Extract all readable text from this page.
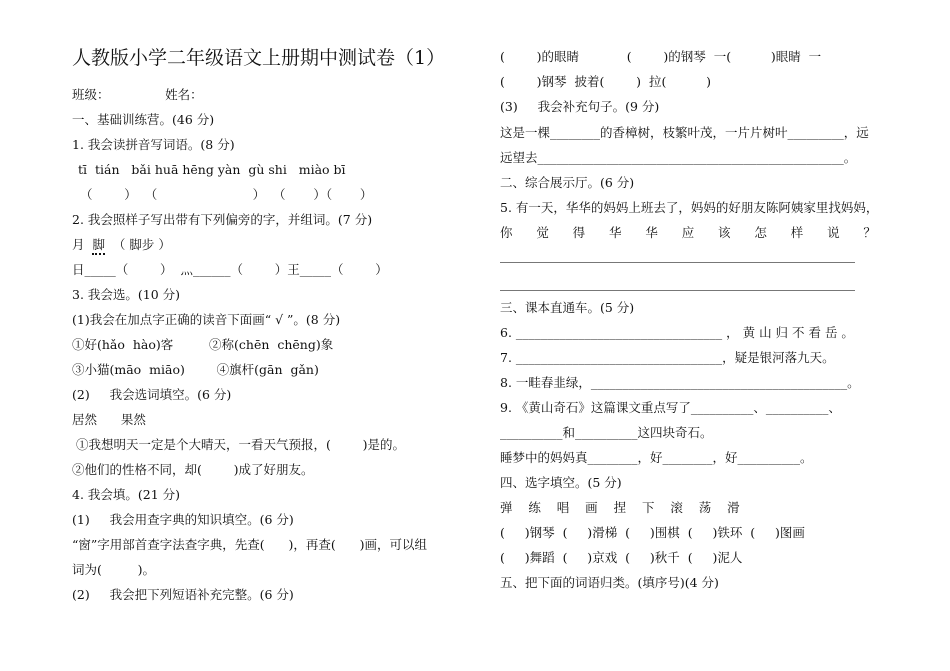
人教版小学二年级语文上册期中测试卷（1）
班级：              姓名：
一、基础训练营。(46 分)
1. 我会读拼音写词语。(8 分)
tī  tián   bǎi huā hēng yàn  gù shi   miào bī
（        ）  （                        ）  （       ）（       ）
2. 我会照样子写出带有下列偏旁的字，并组词。(7 分)
月  脚  （ 脚步 ）
日_____（        ）  灬______（        ）王_____（        ）
3. 我会选。(10 分)
(1)我会在加点字正确的读音下面画“ √ ”。(8 分)
①好(hǎo  hào)客         ②称(chēn  chēng)象
③小猫(māo  miāo)        ④旗杆(gān  gǎn)
(2)     我会选词填空。(6 分)
居然      果然
①我想明天一定是个大晴天，一看天气预报，(        )是的。
②他们的性格不同，却(        )成了好朋友。
4. 我会填。(21 分)
(1)     我会用查字典的知识填空。(6 分)
“窗”字用部首查字法查字典，先查(      )，再查(      )画，可以组
词为(         )。
(2)     我会把下列短语补充完整。(6 分)
(        )的眼睛            (        )的钢琴  一(          )眼睛  一
(        )钢琴  披着(        )  拉(          )
(3)     我会补充句子。(9 分)
这是一棵________的香樟树，枝繁叶茂，一片片树叶_________，远
远望去_________________________________________________。
二、综合展示厅。(6 分)
5. 有一天，华华的妈妈上班去了，妈妈的好朋友陈阿姨家里找妈妈，
你      觉      得      华      华      应      该      怎      样      说      ？
三、课本直通车。(5 分)
6. _________________________________ ， 黄 山 归 不 看 岳 。
7. _________________________________，疑是银河落九天。
8. 一畦春韭绿，_________________________________________。
9. 《黄山奇石》这篇课文重点写了__________、__________、
__________和__________这四块奇石。
睡梦中的妈妈真________，好________，好__________。
四、选字填空。(5 分)
弹    练    唱    画    捏    下    滚    荡    滑
(     )钢琴  (     )滑梯  (     )围棋  (     )铁环  (     )图画
(     )舞蹈  (     )京戏  (     )秋千  (     )泥人
五、把下面的词语归类。(填序号)(4 分)
